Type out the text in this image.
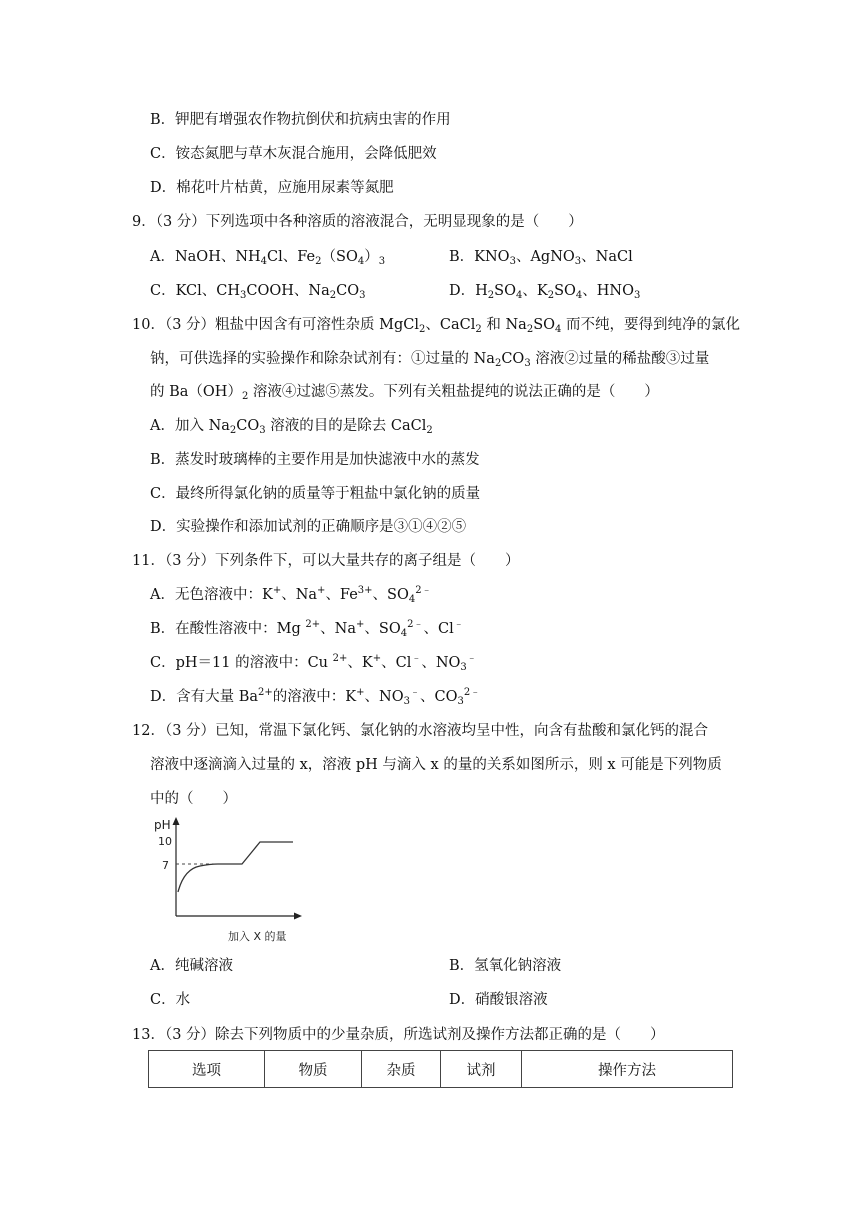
B．钾肥有增强农作物抗倒伏和抗病虫害的作用
C．铵态氮肥与草木灰混合施用，会降低肥效
D．棉花叶片枯黄，应施用尿素等氮肥
9．（3 分）下列选项中各种溶质的溶液混合，无明显现象的是（　　）
A．NaOH、$NH_4Cl$、$Fe_2(SO_4)_3$	B．$KNO_3$、AgNO$_3$、NaCl
C．KCl、$CH_3COOH$、$Na_2CO_3$	D．$H_2SO_4$、$K_2SO_4$、$HNO_3$
10．（3 分）粗盐中因含有可溶性杂质 MgCl$_2$、CaCl$_2$ 和 $Na_2SO_4$ 而不纯，要得到纯净的氯化
钠，可供选择的实验操作和除杂试剂有：①过量的 $Na_2CO_3$ 溶液②过量的稀盐酸③过量
的 $Ba(OH)_2$ 溶液④过滤⑤蒸发。下列有关粗盐提纯的说法正确的是（　　）
A．加入 $Na_2CO_3$ 溶液的目的是除去 CaCl$_2$
B．蒸发时玻璃棒的主要作用是加快滤液中水的蒸发
C．最终所得氯化钠的质量等于粗盐中氯化钠的质量
D．实验操作和添加试剂的正确顺序是③①④②⑤
11．（3 分）下列条件下，可以大量共存的离子组是（　　）
A．无色溶液中：K+、Na+、$Fe^{3+}$、$SO_4^{2﹣}$
B．在酸性溶液中：Mg $^{2+}$、Na+、$SO_4^{2﹣}$、Cl﹣
C．pH＝11 的溶液中：Cu $^{2+}$、K+、Cl﹣、$NO_3^﹣$
D．含有大量 $Ba^{2+}$的溶液中：K+、$NO_3^﹣$、$CO_3^{2﹣}$
12．（3 分）已知，常温下氯化钙、氯化钠的水溶液均呈中性，向含有盐酸和氯化钙的混合
溶液中逐滴滴入过量的 x，溶液 pH 与滴入 x 的量的关系如图所示，则 x 可能是下列物质
中的（　　）
pH
10
7
加入 X 的量
A．纯碱溶液	B．氢氧化钠溶液
C．水	D．硝酸银溶液
13．（3 分）除去下列物质中的少量杂质，所选试剂及操作方法都正确的是（　　）
选项	物质	杂质	试剂	操作方法
